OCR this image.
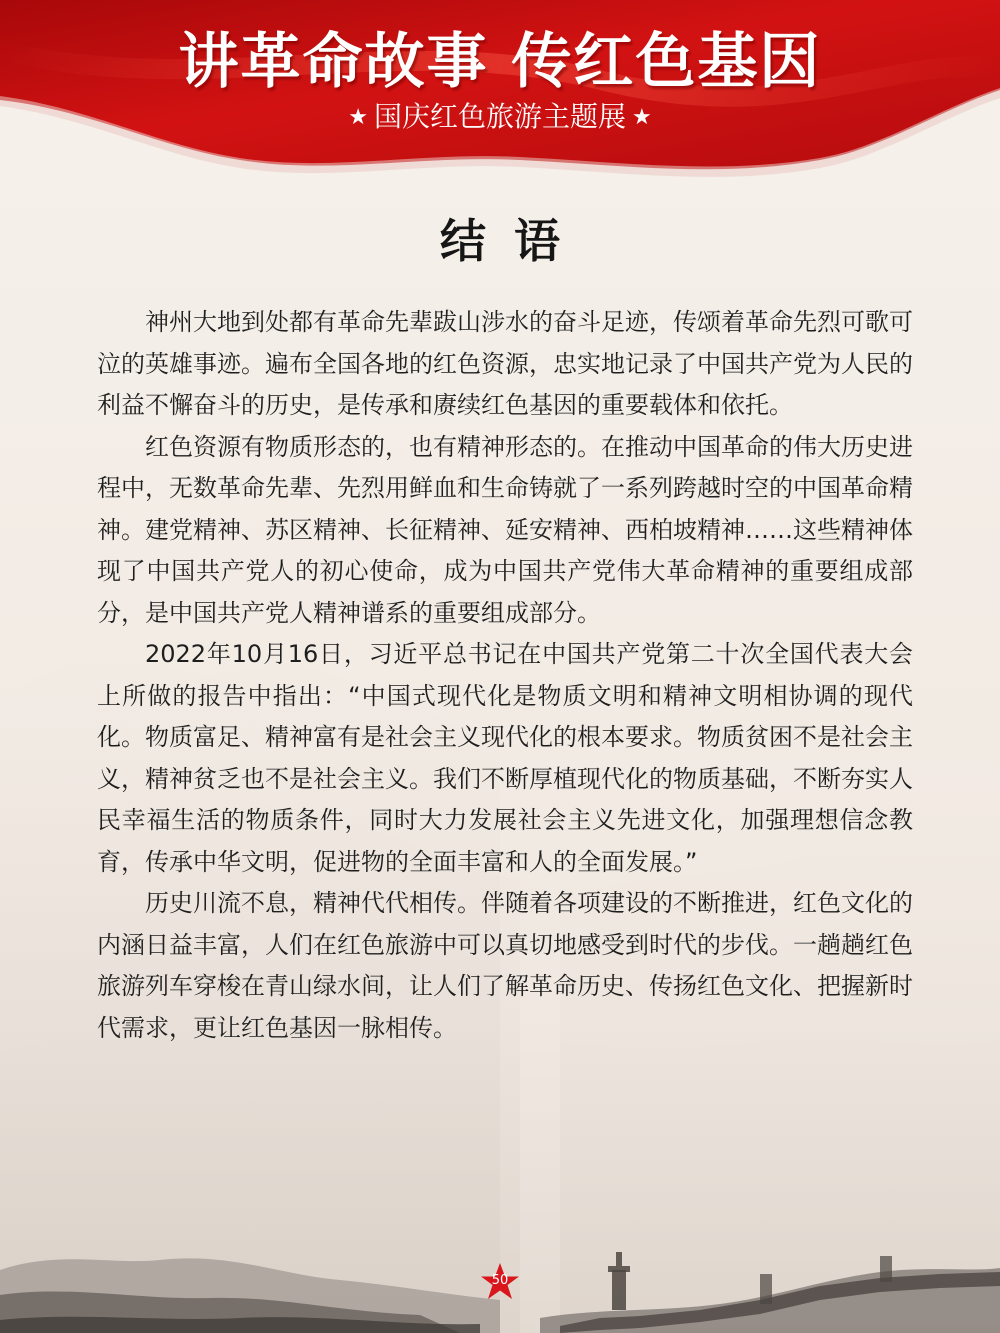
讲革命故事 传红色基因
★ 国庆红色旅游主题展 ★
结语

神州大地到处都有革命先辈跋山涉水的奋斗足迹，传颂着革命先烈可歌可泣的英雄事迹。遍布全国各地的红色资源，忠实地记录了中国共产党为人民的利益不懈奋斗的历史，是传承和赓续红色基因的重要载体和依托。

红色资源有物质形态的，也有精神形态的。在推动中国革命的伟大历史进程中，无数革命先辈、先烈用鲜血和生命铸就了一系列跨越时空的中国革命精神。建党精神、苏区精神、长征精神、延安精神、西柏坡精神……这些精神体现了中国共产党人的初心使命，成为中国共产党伟大革命精神的重要组成部分，是中国共产党人精神谱系的重要组成部分。

2022年10月16日，习近平总书记在中国共产党第二十次全国代表大会上所做的报告中指出：“中国式现代化是物质文明和精神文明相协调的现代化。物质富足、精神富有是社会主义现代化的根本要求。物质贫困不是社会主义，精神贫乏也不是社会主义。我们不断厚植现代化的物质基础，不断夯实人民幸福生活的物质条件，同时大力发展社会主义先进文化，加强理想信念教育，传承中华文明，促进物的全面丰富和人的全面发展。”

历史川流不息，精神代代相传。伴随着各项建设的不断推进，红色文化的内涵日益丰富，人们在红色旅游中可以真切地感受到时代的步伐。一趟趟红色旅游列车穿梭在青山绿水间，让人们了解革命历史、传扬红色文化、把握新时代需求，更让红色基因一脉相传。

50
